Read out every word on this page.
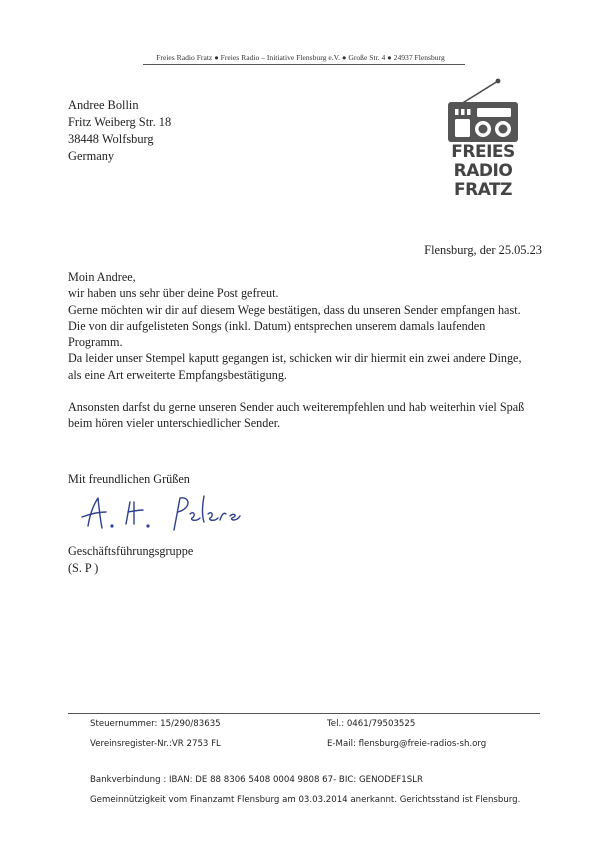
Freies Radio Fratz ● Freies Radio – Initiative Flensburg e.V. ● Große Str. 4 ● 24937 Flensburg
Andree Bollin
Fritz Weiberg Str. 18
38448 Wolfsburg
Germany	FREIES
RADIO
FRATZ
Flensburg, der 25.05.23

Moin Andree,

wir haben uns sehr über deine Post gefreut.

Gerne möchten wir dir auf diesem Wege bestätigen, dass du unseren Sender empfangen hast.

Die von dir aufgelisteten Songs (inkl. Datum) entsprechen unserem damals laufenden

Programm.

Da leider unser Stempel kaputt gegangen ist, schicken wir dir hiermit ein zwei andere Dinge,

als eine Art erweiterte Empfangsbestätigung.

Ansonsten darfst du gerne unseren Sender auch weiterempfehlen und hab weiterhin viel Spaß

beim hören vieler unterschiedlicher Sender.

Mit freundlichen Grüßen
Geschäftsführungsgruppe
(S. P )
Steuernummer: 15/290/83635	Tel.: 0461/79503525
Vereinsregister-Nr.:VR 2753 FL	E-Mail: flensburg@freie-radios-sh.org
Bankverbindung : IBAN: DE 88 8306 5408 0004 9808 67- BIC: GENODEF1SLR
Gemeinnützigkeit vom Finanzamt Flensburg am 03.03.2014 anerkannt. Gerichtsstand ist Flensburg.
